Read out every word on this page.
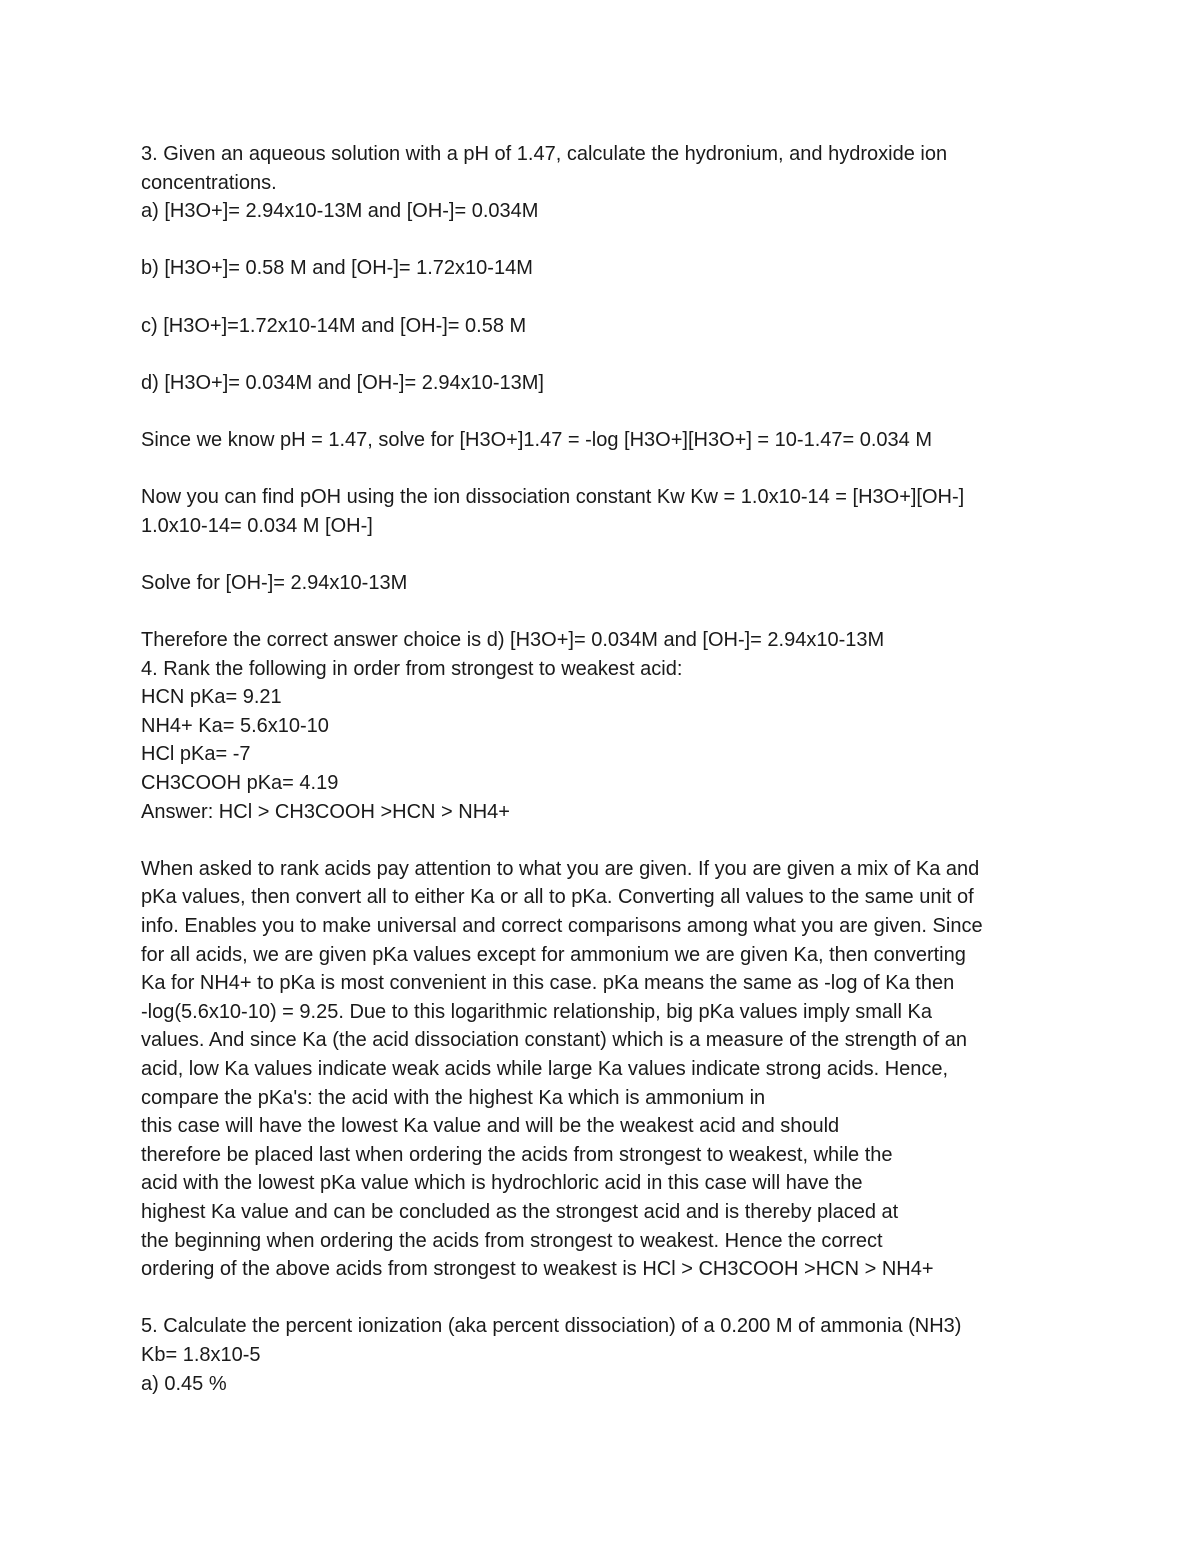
3. Given an aqueous solution with a pH of 1.47, calculate the hydronium, and hydroxide ion
concentrations.
a) [H3O+]= 2.94x10-13M and [OH-]= 0.034M
b) [H3O+]= 0.58 M and [OH-]= 1.72x10-14M
c) [H3O+]=1.72x10-14M and [OH-]= 0.58 M
d) [H3O+]= 0.034M and [OH-]= 2.94x10-13M]
Since we know pH = 1.47, solve for [H3O+]1.47 = -log [H3O+][H3O+] = 10-1.47= 0.034 M
Now you can find pOH using the ion dissociation constant Kw Kw = 1.0x10-14 = [H3O+][OH-]
1.0x10-14= 0.034 M [OH-]
Solve for [OH-]= 2.94x10-13M
Therefore the correct answer choice is d) [H3O+]= 0.034M and [OH-]= 2.94x10-13M
4. Rank the following in order from strongest to weakest acid:
HCN pKa= 9.21
NH4+ Ka= 5.6x10-10
HCl pKa= -7
CH3COOH pKa= 4.19
Answer: HCl > CH3COOH >HCN > NH4+
When asked to rank acids pay attention to what you are given. If you are given a mix of Ka and
pKa values, then convert all to either Ka or all to pKa. Converting all values to the same unit of
info. Enables you to make universal and correct comparisons among what you are given. Since
for all acids, we are given pKa values except for ammonium we are given Ka, then converting
Ka for NH4+ to pKa is most convenient in this case. pKa means the same as -log of Ka then
-log(5.6x10-10) = 9.25. Due to this logarithmic relationship, big pKa values imply small Ka
values. And since Ka (the acid dissociation constant) which is a measure of the strength of an
acid, low Ka values indicate weak acids while large Ka values indicate strong acids. Hence,
compare the pKa's: the acid with the highest Ka which is ammonium in
this case will have the lowest Ka value and will be the weakest acid and should
therefore be placed last when ordering the acids from strongest to weakest, while the
acid with the lowest pKa value which is hydrochloric acid in this case will have the
highest Ka value and can be concluded as the strongest acid and is thereby placed at
the beginning when ordering the acids from strongest to weakest. Hence the correct
ordering of the above acids from strongest to weakest is HCl > CH3COOH >HCN > NH4+
5. Calculate the percent ionization (aka percent dissociation) of a 0.200 M of ammonia (NH3)
Kb= 1.8x10-5
a) 0.45 %
